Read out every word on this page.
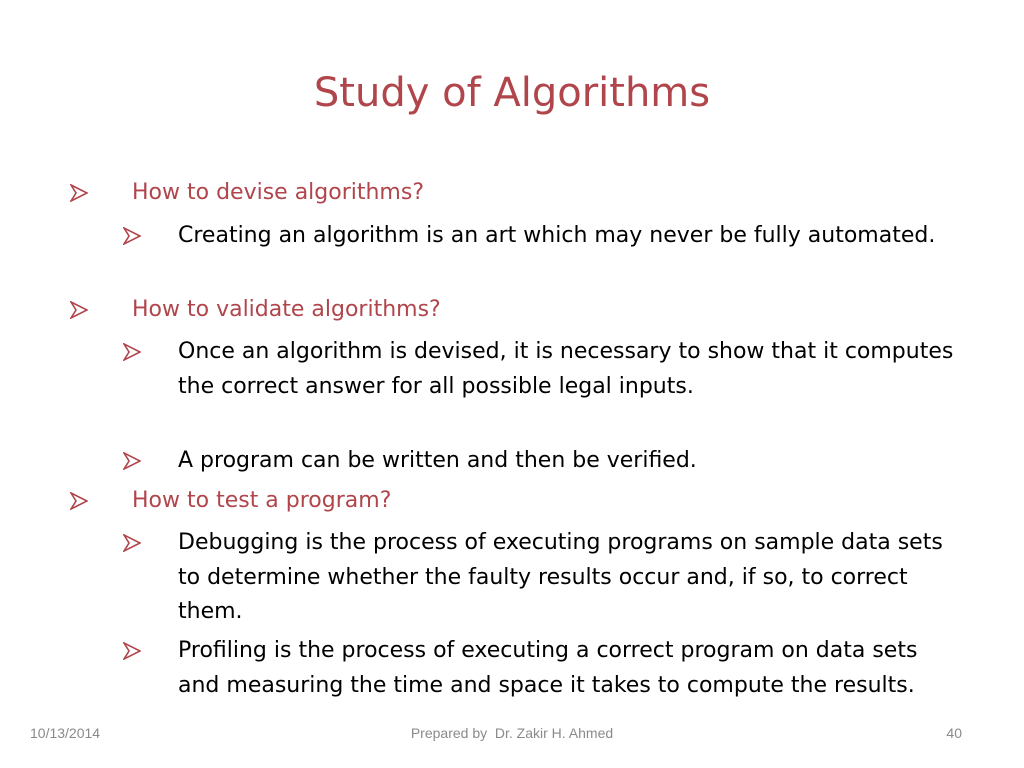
Study of Algorithms
How to devise algorithms?
Creating an algorithm is an art which may never be fully automated.
How to validate algorithms?
Once an algorithm is devised, it is necessary to show that it computes the correct answer for all possible legal inputs.
A program can be written and then be verified.
How to test a program?
Debugging is the process of executing programs on sample data sets to determine whether the faulty results occur and, if so, to correct them.
Profiling is the process of executing a correct program on data sets and measuring the time and space it takes to compute the results.
10/13/2014	Prepared by  Dr. Zakir H. Ahmed	40
